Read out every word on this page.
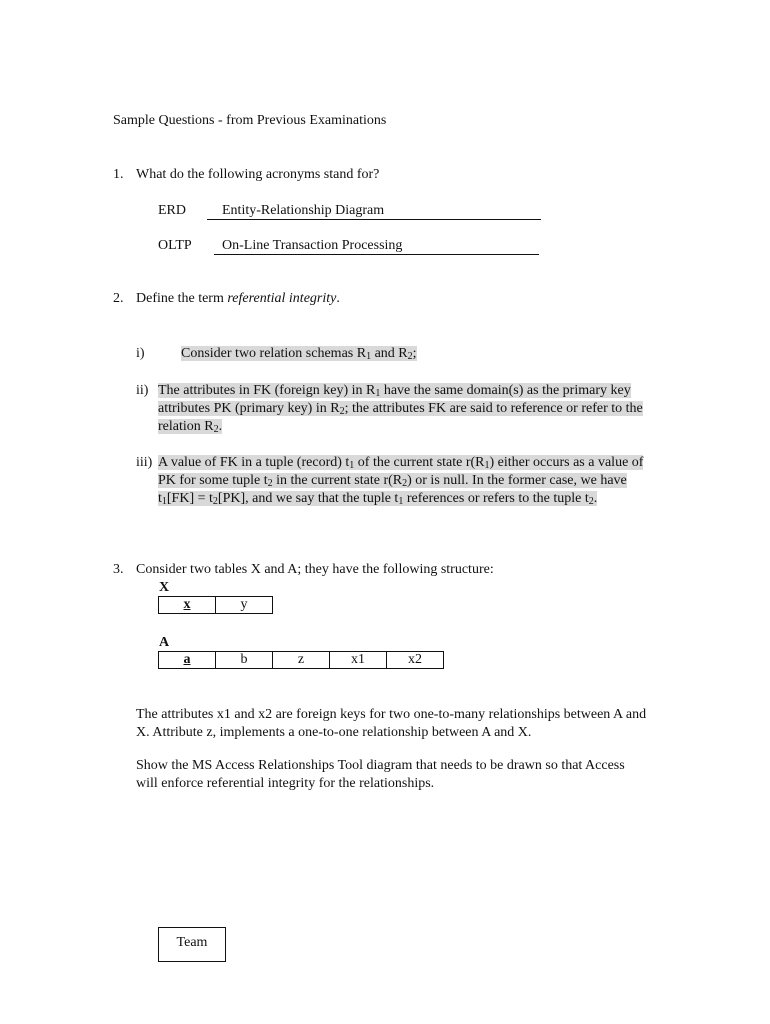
Sample Questions - from Previous Examinations
1. What do the following acronyms stand for?
ERD	Entity-Relationship Diagram
OLTP	On-Line Transaction Processing
2. Define the term referential integrity.
i)	Consider two relation schemas $R_1$ and $R_2$;
ii) The attributes in FK (foreign key) in $R_1$ have the same domain(s) as the primary key attributes PK (primary key) in $R_2$; the attributes FK are said to reference or refer to the relation $R_2$.
iii) A value of FK in a tuple (record) $t_1$ of the current state $r(R_1)$ either occurs as a value of PK for some tuple $t_2$ in the current state $r(R_2)$ or is null. In the former case, we have $t_1[FK] = t_2[PK]$, and we say that the tuple $t_1$ references or refers to the tuple $t_2$.
3. Consider two tables X and A; they have the following structure:
X
x	y
A
a	b	z	x1	x2
The attributes x1 and x2 are foreign keys for two one-to-many relationships between A and X. Attribute z, implements a one-to-one relationship between A and X.
Show the MS Access Relationships Tool diagram that needs to be drawn so that Access will enforce referential integrity for the relationships.
Team
